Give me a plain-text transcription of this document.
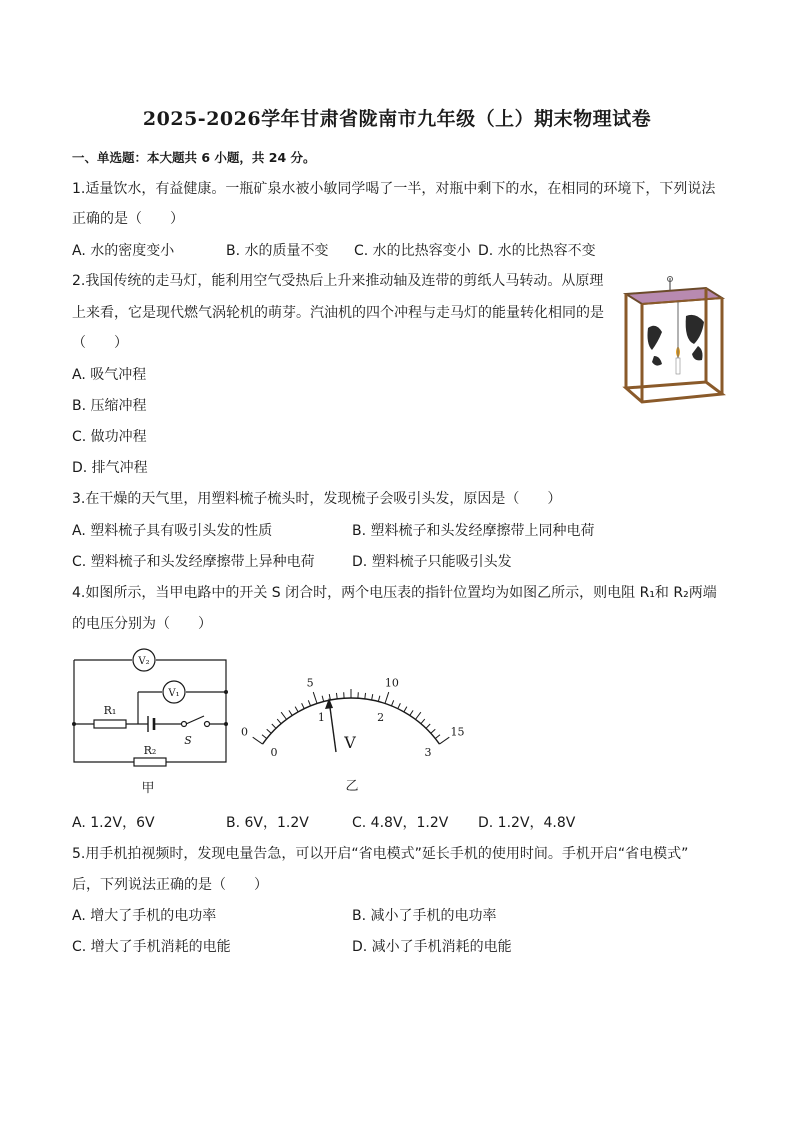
2025-2026学年甘肃省陇南市九年级（上）期末物理试卷
一、单选题：本大题共 6 小题，共 24 分。
1.适量饮水，有益健康。一瓶矿泉水被小敏同学喝了一半，对瓶中剩下的水，在相同的环境下，下列说法
正确的是（　　）
A. 水的密度变小	B. 水的质量不变 C. 水的比热容变小 D. 水的比热容不变
2.我国传统的走马灯，能利用空气受热后上升来推动轴及连带的剪纸人马转动。从原理
上来看，它是现代燃气涡轮机的萌芽。汽油机的四个冲程与走马灯的能量转化相同的是
（　　）
A. 吸气冲程
B. 压缩冲程
C. 做功冲程
D. 排气冲程
3.在干燥的天气里，用塑料梳子梳头时，发现梳子会吸引头发，原因是（　　）
A. 塑料梳子具有吸引头发的性质	B. 塑料梳子和头发经摩擦带上同种电荷
C. 塑料梳子和头发经摩擦带上异种电荷	D. 塑料梳子只能吸引头发
4.如图所示，当甲电路中的开关 S 闭合时，两个电压表的指针位置均为如图乙所示，则电阻 R₁和 R₂两端
的电压分别为（　　）
V₂
V₁
R₁
S
R₂
甲
0
5	10
15
0
1	2
3
V
乙
A. 1.2V，6V	B. 6V，1.2V	C. 4.8V，1.2V D. 1.2V，4.8V
5.用手机拍视频时，发现电量告急，可以开启“省电模式”延长手机的使用时间。手机开启“省电模式”
后，下列说法正确的是（　　）
A. 增大了手机的电功率	B. 减小了手机的电功率
C. 增大了手机消耗的电能	D. 减小了手机消耗的电能
